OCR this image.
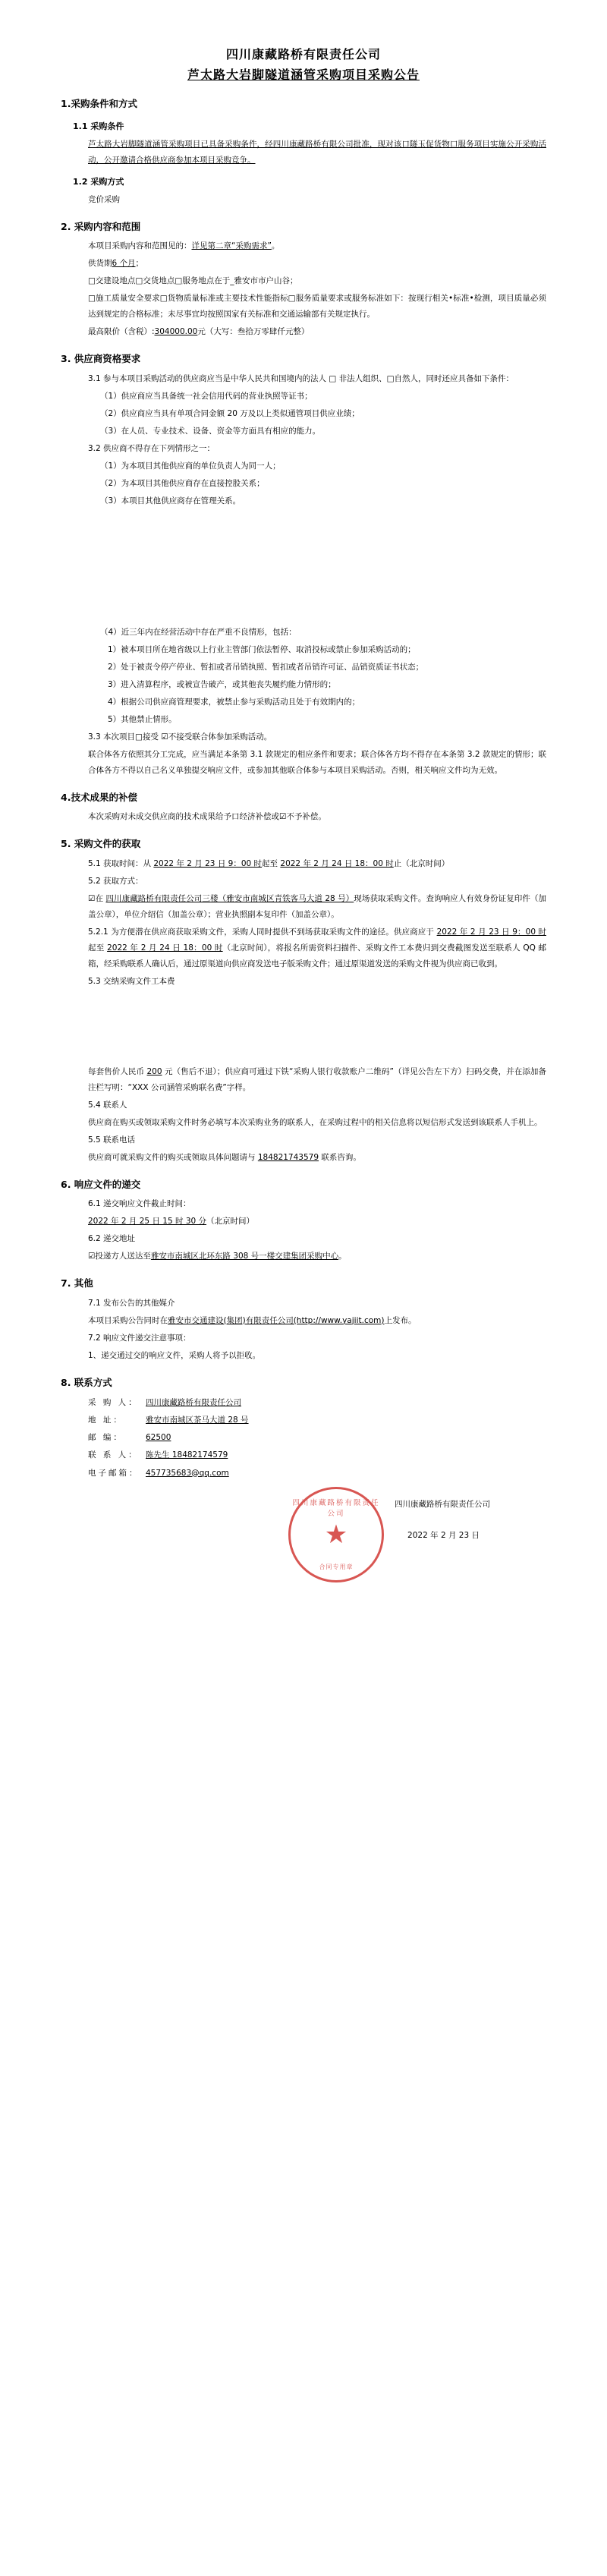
四川康藏路桥有限责任公司
芦太路大岩脚隧道涵管采购项目采购公告
1.采购条件和方式
1.1 采购条件
芦太路大岩脚隧道涵管采购项目已具备采购条件，经四川康藏路桥有限公司批准，现对该口隧玉促货物口服务项目实施公开采购活动，公开邀请合格供应商参加本项目采购竞争。
1.2 采购方式
竞价采购
2. 采购内容和范围
本项目采购内容和范围见的：详见第二章“采购需求”。
供货期6 个月；
□交建设地点□交货地点□服务地点在于_雅安市市户山谷；
□施工质量安全要求□货物质量标准或主要技术性能指标□服务质量要求或服务标准如下：按现行相关•标准•检测，项目质量必须达到规定的合格标准；未尽事宜均按照国家有关标准和交通运输部有关规定执行。
最高限价（含税）:304000.00元（大写：叁拾万零肆仟元整）
3. 供应商资格要求
3.1 参与本项目采购活动的供应商应当是中华人民共和国境内的法人 □ 非法人组织、□自然人，同时还应具备如下条件：
（1）供应商应当具备统一社会信用代码的营业执照等证书；
（2）供应商应当具有单项合同金额 20 万及以上类似通管项目供应业绩；
（3）在人员、专业技术、设备、资金等方面具有相应的能力。
3.2 供应商不得存在下列情形之一：
（1）为本项目其他供应商的单位负责人为同一人；
（2）为本项目其他供应商存在直接控股关系；
（3）本项目其他供应商存在管理关系。
（4）近三年内在经营活动中存在严重不良情形，包括：
1）被本项目所在地省级以上行业主管部门依法暂停、取消投标或禁止参加采购活动的；
2）处于被责令停产停业、暂扣或者吊销执照、暂扣或者吊销许可证、品销资质证书状态；
3）进入清算程序，或被宣告破产，或其他丧失履约能力情形的；
4）根据公司供应商管理要求，被禁止参与采购活动且处于有效期内的；
5）其他禁止情形。
3.3 本次项目□接受 ☑不接受联合体参加采购活动。
联合体各方依照其分工完成，应当满足本条第 3.1 款规定的相应条件和要求；联合体各方均不得存在本条第 3.2 款规定的情形；联合体各方不得以自己名义单独提交响应文件，或参加其他联合体参与本项目采购活动。否则，相关响应文件均为无效。
4.技术成果的补偿
本次采购对未成交供应商的技术成果给予口经济补偿或☑不予补偿。
5. 采购文件的获取
5.1 获取时间：从 2022 年 2 月 23 日 9：00 时起至 2022 年 2 月 24 日 18：00 时止（北京时间）
5.2 获取方式：
☑在 四川康藏路桥有限责任公司三楼（雅安市南城区青铁客马大道 28 号）现场获取采购文件。查询响应人有效身份证复印件（加盖公章），单位介绍信（加盖公章）；营业执照副本复印件（加盖公章）。
5.2.1 为方便潜在供应商获取采购文件，采购人同时提供不到场获取采购文件的途径。供应商应于 2022 年 2 月 23 日 9：00 时起至 2022 年 2 月 24 日 18：00 时（北京时间），将报名所需资料扫描件、采购文件工本费归到交费截图发送至联系人 QQ 邮箱，经采购联系人确认后，通过原渠道向供应商发送电子版采购文件；通过原渠道发送的采购文件视为供应商已收到。
5.3 交纳采购文件工本费
每套售价人民币 200 元（售后不退）；供应商可通过下铁“采购人银行收款账户二维码”（详见公告左下方）扫码交费，并在添加备注栏写明：“XXX 公司涵管采购联名费”字样。
5.4 联系人
供应商在购买或领取采购文件时务必填写本次采购业务的联系人，在采购过程中的相关信息将以短信形式发送到该联系人手机上。
5.5 联系电话
供应商可就采购文件的购买或领取具体问题请与 184821743579 联系咨询。
6. 响应文件的递交
6.1 递交响应文件截止时间：
2022 年 2 月 25 日 15 时 30 分（北京时间）
6.2 递交地址
☑投递方人送达至雅安市南城区北环东路 308 号一楼交建集团采购中心。
7. 其他
7.1 发布公告的其他媒介
本项目采购公告同时在雅安市交通建设(集团)有限责任公司(http://www.yajiit.com)上发布。
7.2 响应文件递交注意事项：
1、递交通过交的响应文件，采购人将予以拒收。
8. 联系方式
采 购 人： 四川康藏路桥有限责任公司
地 址：	雅安市南城区茶马大道 28 号
邮 编：	62500
联 系 人： 陈先生 18482174579
电子邮箱： 457735683@qq.com
四川康藏路桥有限责任公司
★
合同专用章
四川康藏路桥有限责任公司
2022 年 2 月 23 日
